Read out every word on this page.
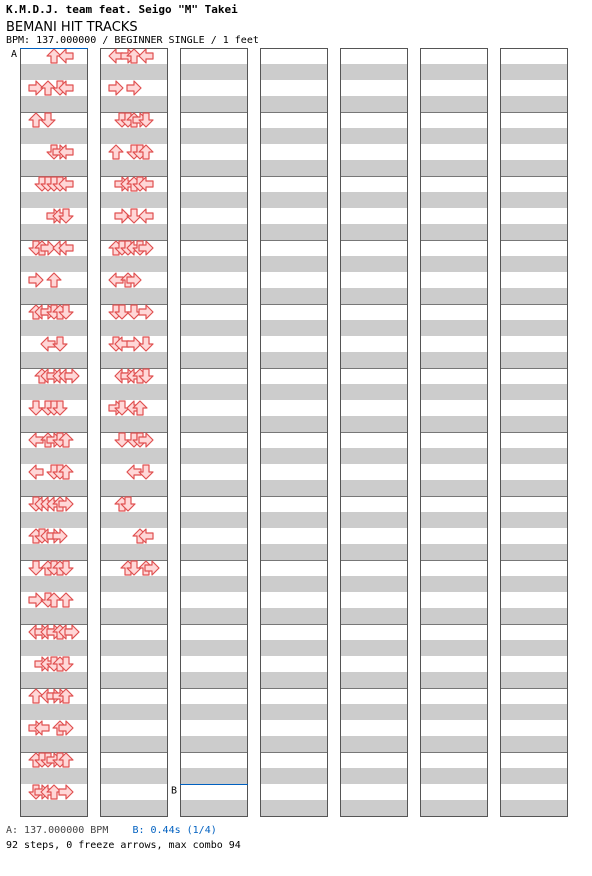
K.M.D.J. team feat. Seigo "M" Takei
BEMANI HIT TRACKS
BPM: 137.000000 / BEGINNER SINGLE / 1 feet
A
B
A: 137.000000 BPM B: 0.44s (1/4)
92 steps, 0 freeze arrows, max combo 94
